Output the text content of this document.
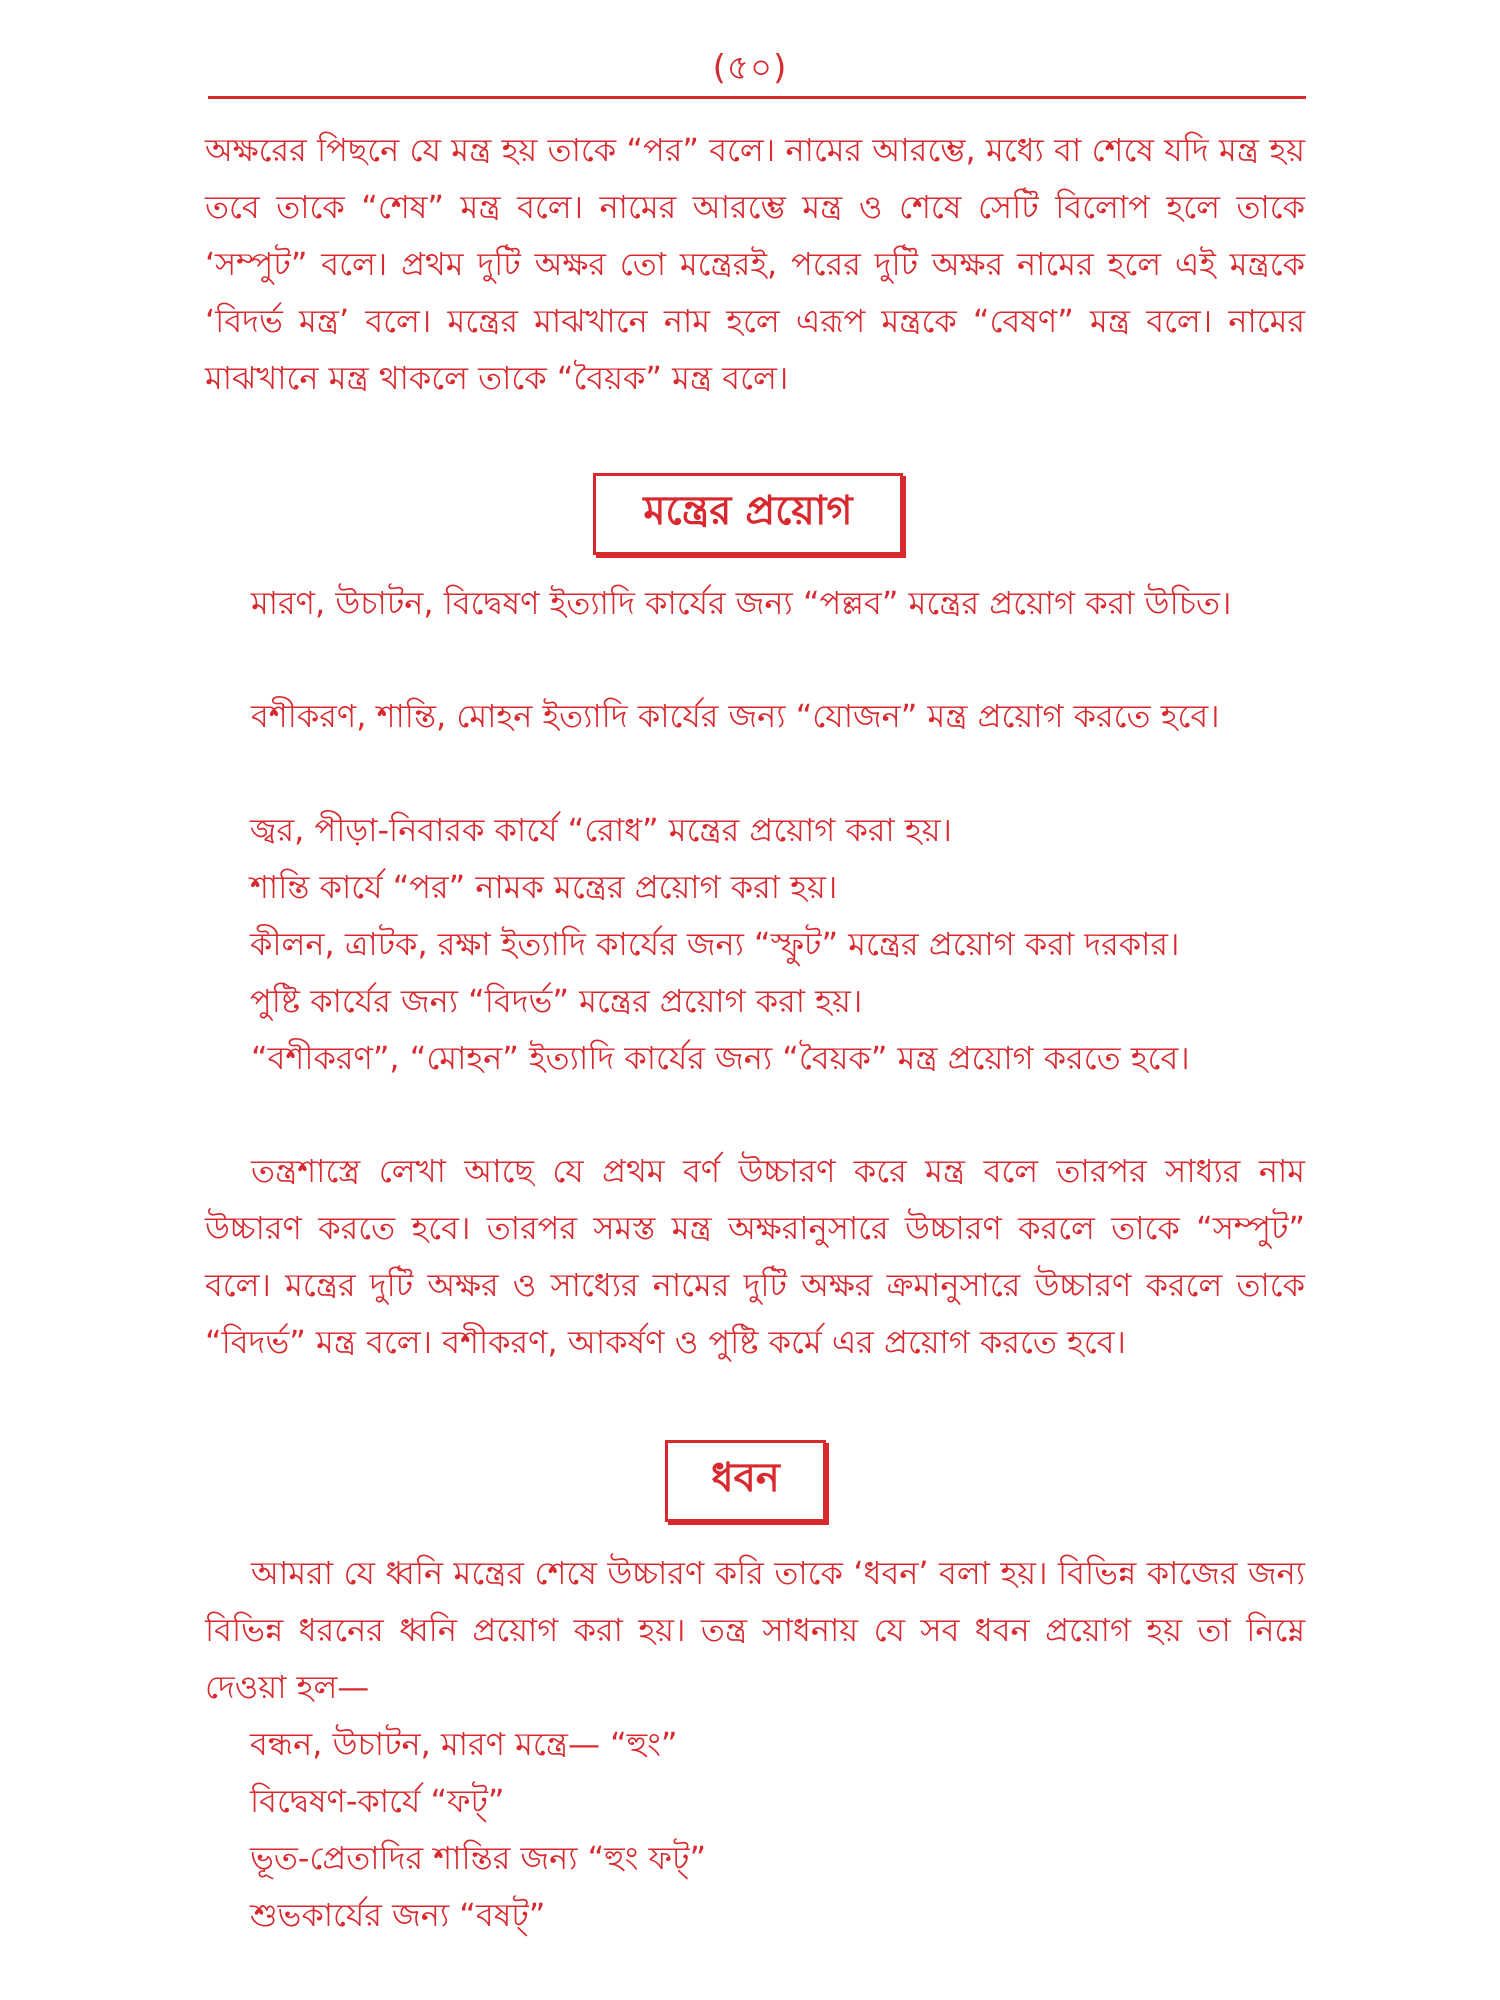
(৫০)

অক্ষরের পিছনে যে মন্ত্র হয় তাকে “পর” বলে। নামের আরম্ভে, মধ্যে বা শেষে যদি মন্ত্র হয় তবে তাকে “শেষ” মন্ত্র বলে। নামের আরম্ভে মন্ত্র ও শেষে সেটি বিলোপ হলে তাকে ‘সম্পুট” বলে। প্রথম দুটি অক্ষর তো মন্ত্রেরই, পরের দুটি অক্ষর নামের হলে এই মন্ত্রকে ‘বিদর্ভ মন্ত্র’ বলে। মন্ত্রের মাঝখানে নাম হলে এরূপ মন্ত্রকে “বেষণ” মন্ত্র বলে। নামের মাঝখানে মন্ত্র থাকলে তাকে “বৈয়ক” মন্ত্র বলে।

মন্ত্রের প্রয়োগ

মারণ, উচাটন, বিদ্বেষণ ইত্যাদি কার্যের জন্য “পল্লব” মন্ত্রের প্রয়োগ করা উচিত।

বশীকরণ, শান্তি, মোহন ইত্যাদি কার্যের জন্য “যোজন” মন্ত্র প্রয়োগ করতে হবে।

জ্বর, পীড়া-নিবারক কার্যে “রোধ” মন্ত্রের প্রয়োগ করা হয়।

শান্তি কার্যে “পর” নামক মন্ত্রের প্রয়োগ করা হয়।

কীলন, ত্রাটক, রক্ষা ইত্যাদি কার্যের জন্য “স্ফুট” মন্ত্রের প্রয়োগ করা দরকার।

পুষ্টি কার্যের জন্য “বিদর্ভ” মন্ত্রের প্রয়োগ করা হয়।

“বশীকরণ”, “মোহন” ইত্যাদি কার্যের জন্য “বৈয়ক” মন্ত্র প্রয়োগ করতে হবে।

তন্ত্রশাস্ত্রে লেখা আছে যে প্রথম বর্ণ উচ্চারণ করে মন্ত্র বলে তারপর সাধ্যর নাম উচ্চারণ করতে হবে। তারপর সমস্ত মন্ত্র অক্ষরানুসারে উচ্চারণ করলে তাকে “সম্পুট” বলে। মন্ত্রের দুটি অক্ষর ও সাধ্যের নামের দুটি অক্ষর ক্রমানুসারে উচ্চারণ করলে তাকে “বিদর্ভ” মন্ত্র বলে। বশীকরণ, আকর্ষণ ও পুষ্টি কর্মে এর প্রয়োগ করতে হবে।

ধবন

আমরা যে ধ্বনি মন্ত্রের শেষে উচ্চারণ করি তাকে ‘ধবন’ বলা হয়। বিভিন্ন কাজের জন্য বিভিন্ন ধরনের ধ্বনি প্রয়োগ করা হয়। তন্ত্র সাধনায় যে সব ধবন প্রয়োগ হয় তা নিম্নে দেওয়া হল—

বন্ধন, উচাটন, মারণ মন্ত্রে— “হুং”

বিদ্বেষণ-কার্যে “ফট্”

ভূত-প্রেতাদির শান্তির জন্য “হুং ফট্”

শুভকার্যের জন্য “বষট্”
